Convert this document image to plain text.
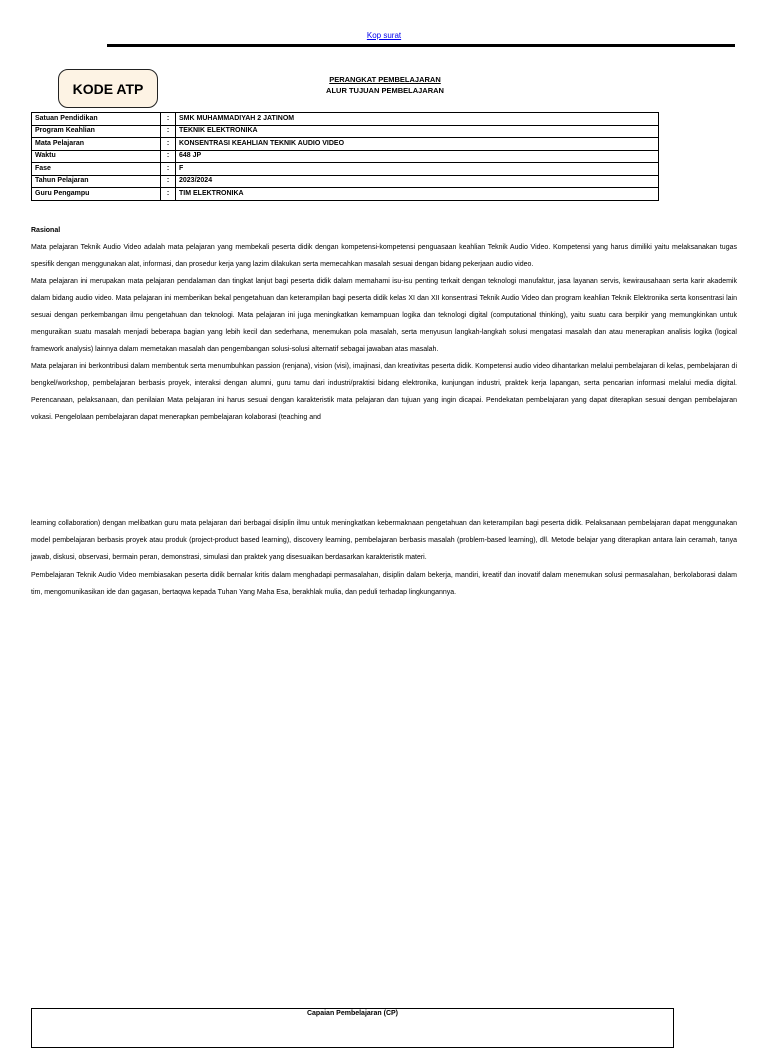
Kop surat
KODE ATP
PERANGKAT PEMBELAJARAN
ALUR TUJUAN PEMBELAJARAN
Satuan Pendidikan	:	SMK MUHAMMADIYAH 2 JATINOM
Program Keahlian	:	TEKNIK ELEKTRONIKA
Mata Pelajaran	:	KONSENTRASI KEAHLIAN TEKNIK AUDIO VIDEO
Waktu	:	648 JP
Fase	:	F
Tahun Pelajaran	:	2023/2024
Guru Pengampu	:	TIM ELEKTRONIKA

Rasional

Mata pelajaran Teknik Audio Video adalah mata pelajaran yang membekali peserta didik dengan kompetensi-kompetensi penguasaan keahlian Teknik Audio Video. Kompetensi yang harus dimiliki yaitu melaksanakan tugas spesifik dengan menggunakan alat, informasi, dan prosedur kerja yang lazim dilakukan serta memecahkan masalah sesuai dengan bidang pekerjaan audio video.

Mata pelajaran ini merupakan mata pelajaran pendalaman dan tingkat lanjut bagi peserta didik dalam memahami isu-isu penting terkait dengan teknologi manufaktur, jasa layanan servis, kewirausahaan serta karir akademik dalam bidang audio video. Mata pelajaran ini memberikan bekal pengetahuan dan keterampilan bagi peserta didik kelas XI dan XII konsentrasi Teknik Audio Video dan program keahlian Teknik Elektronika serta konsentrasi lain sesuai dengan perkembangan ilmu pengetahuan dan teknologi. Mata pelajaran ini juga meningkatkan kemampuan logika dan teknologi digital (computational thinking), yaitu suatu cara berpikir yang memungkinkan untuk menguraikan suatu masalah menjadi beberapa bagian yang lebih kecil dan sederhana, menemukan pola masalah, serta menyusun langkah-langkah solusi mengatasi masalah dan atau menerapkan analisis logika (logical framework analysis) lainnya dalam memetakan masalah dan pengembangan solusi-solusi alternatif sebagai jawaban atas masalah.

Mata pelajaran ini berkontribusi dalam membentuk serta menumbuhkan passion (renjana), vision (visi), imajinasi, dan kreativitas peserta didik. Kompetensi audio video dihantarkan melalui pembelajaran di kelas, pembelajaran di bengkel/workshop, pembelajaran berbasis proyek, interaksi dengan alumni, guru tamu dari industri/praktisi bidang elektronika, kunjungan industri, praktek kerja lapangan, serta pencarian informasi melalui media digital. Perencanaan, pelaksanaan, dan penilaian Mata pelajaran ini harus sesuai dengan karakteristik mata pelajaran dan tujuan yang ingin dicapai. Pendekatan pembelajaran yang dapat diterapkan sesuai dengan pembelajaran vokasi. Pengelolaan pembelajaran dapat menerapkan pembelajaran kolaborasi (teaching and

learning collaboration) dengan melibatkan guru mata pelajaran dari berbagai disiplin ilmu untuk meningkatkan kebermaknaan pengetahuan dan keterampilan bagi peserta didik. Pelaksanaan pembelajaran dapat menggunakan model pembelajaran berbasis proyek atau produk (project-product based learning), discovery learning, pembelajaran berbasis masalah (problem-based learning), dll. Metode belajar yang diterapkan antara lain ceramah, tanya jawab, diskusi, observasi, bermain peran, demonstrasi, simulasi dan praktek yang disesuaikan berdasarkan karakteristik materi.

Pembelajaran Teknik Audio Video membiasakan peserta didik bernalar kritis dalam menghadapi permasalahan, disiplin dalam bekerja, mandiri, kreatif dan inovatif dalam menemukan solusi permasalahan, berkolaborasi dalam tim, mengomunikasikan ide dan gagasan, bertaqwa kepada Tuhan Yang Maha Esa, berakhlak mulia, dan peduli terhadap lingkungannya.

Capaian Pembelajaran (CP)
